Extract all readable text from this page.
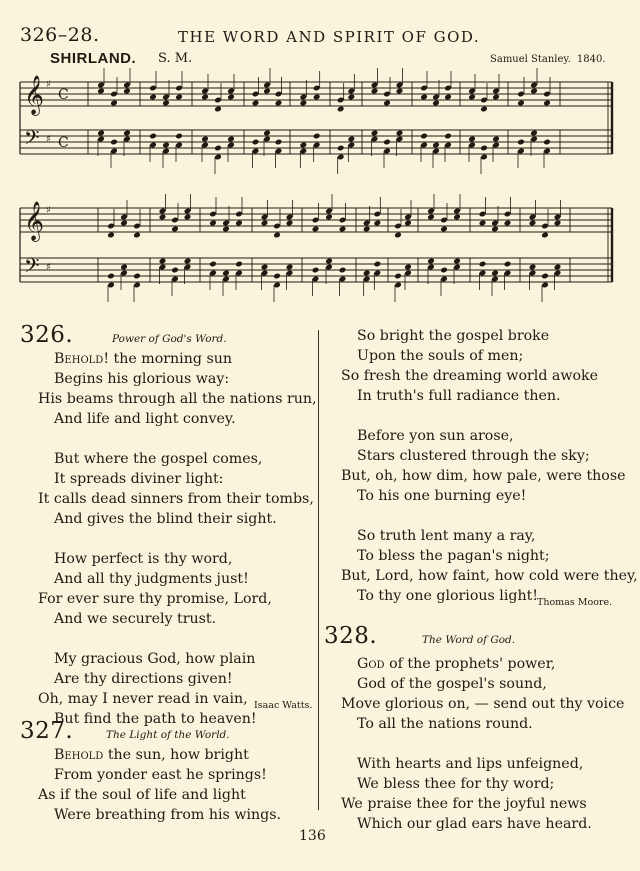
326–28.	THE WORD AND SPIRIT OF GOD.
SHIRLAND. S. M.	Samuel Stanley. 1840.
𝄞
𝄢
C
C
♯
♯
𝄞
𝄢
♯
♯
326.	Power of God's Word.
Behold! the morning sun
Begins his glorious way:
His beams through all the nations run,
And life and light convey.
But where the gospel comes,
It spreads diviner light:
It calls dead sinners from their tombs,
And gives the blind their sight.
How perfect is thy word,
And all thy judgments just!
For ever sure thy promise, Lord,
And we securely trust.
My gracious God, how plain
Are thy directions given!
Oh, may I never read in vain,
But find the path to heaven!
Isaac Watts.
327.	The Light of the World.
Behold the sun, how bright
From yonder east he springs!
As if the soul of life and light
Were breathing from his wings.
So bright the gospel broke
Upon the souls of men;
So fresh the dreaming world awoke
In truth's full radiance then.
Before yon sun arose,
Stars clustered through the sky;
But, oh, how dim, how pale, were those
To his one burning eye!
So truth lent many a ray,
To bless the pagan's night;
But, Lord, how faint, how cold were they,
To thy one glorious light!
Thomas Moore.
328.	The Word of God.
God of the prophets' power,
God of the gospel's sound,
Move glorious on, — send out thy voice
To all the nations round.
With hearts and lips unfeigned,
We bless thee for thy word;
We praise thee for the joyful news
Which our glad ears have heard.
136
